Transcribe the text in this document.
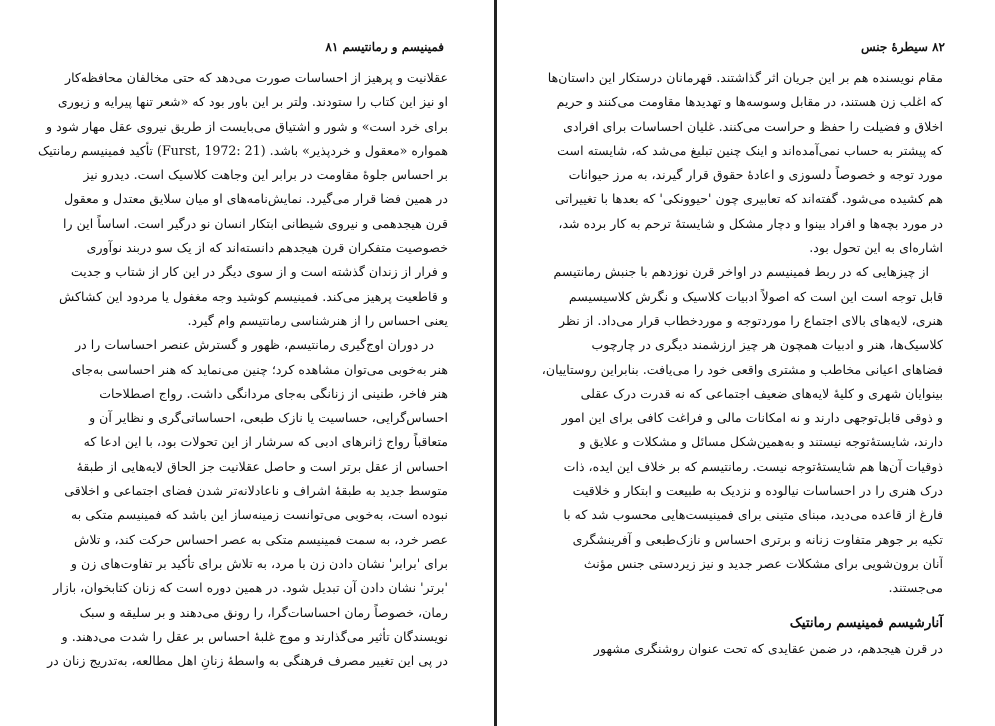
فمینیسم و رمانتیسم ۸۱
عقلانیت و پرهیز از احساسات صورت می‌دهد که حتی مخالفان محافظه‌کار
او نیز این کتاب را ستودند. ولتر بر این باور بود که «شعر تنها پیرایه و زیوری
برای خرد است» و شور و اشتیاق می‌بایست از طریق نیروی عقل مهار شود و
همواره «معقول و خردپذیر» باشد. (Furst, 1972: 21) تأکید فمینیسم رمانتیک
بر احساس جلوهٔ مقاومت در برابر این وجاهت کلاسیک است. دیدرو نیز
در همین فضا قرار می‌گیرد. نمایش‌نامه‌های او میان سلایق معتدل و معقول
قرن هیجدهمی و نیروی شیطانی ابتکار انسان نو درگیر است. اساساً این را
خصوصیت متفکران قرن هیجدهم دانسته‌اند که از یک سو دربند نوآوری
و فرار از زندان گذشته است و از سوی دیگر در این کار از شتاب و جدیت
و قاطعیت پرهیز می‌کند. فمینیسم کوشید وجه مغفول یا مردود این کشاکش
یعنی احساس را از هنرشناسی رمانتیسم وام گیرد.
در دوران اوج‌گیری رمانتیسم، ظهور و گسترش عنصر احساسات را در
هنر به‌خوبی می‌توان مشاهده کرد؛ چنین می‌نماید که هنر احساسی به‌جای
هنر فاخر، طنینی از زنانگی به‌جای مردانگی داشت. رواج اصطلاحات
احساس‌گرایی، حساسیت یا نازک طبعی، احساساتی‌گری و نظایر آن و
متعاقباً رواج ژانرهای ادبی که سرشار از این تحولات بود، با این ادعا که
احساس از عقل برتر است و حاصل عقلانیت جز الحاق لایه‌هایی از طبقهٔ
متوسط جدید به طبقهٔ اشراف و ناعادلانه‌تر شدن فضای اجتماعی و اخلاقی
نبوده است، به‌خوبی می‌توانست زمینه‌ساز این باشد که فمینیسم متکی به
عصر خرد، به سمت فمینیسم متکی به عصر احساس حرکت کند، و تلاش
برای 'برابر' نشان دادن زن با مرد، به تلاش برای تأکید بر تفاوت‌های زن و
'برتر' نشان دادن آن تبدیل شود. در همین دوره است که زنان کتابخوان، بازار
رمان، خصوصاً رمان احساسات‌گرا، را رونق می‌دهند و بر سلیقه و سبک
نویسندگان تأثیر می‌گذارند و موج غلبهٔ احساس بر عقل را شدت می‌دهند. و
در پی این تغییر مصرف فرهنگی به واسطهٔ زنانِ اهل مطالعه، به‌تدریج زنان در
۸۲ سیطرهٔ جنس
مقام نویسنده هم بر این جریان اثر گذاشتند. قهرمانان درستکار این داستان‌ها
که اغلب زن هستند، در مقابل وسوسه‌ها و تهدیدها مقاومت می‌کنند و حریم
اخلاق و فضیلت را حفظ و حراست می‌کنند. غلیان احساسات برای افرادی
که پیشتر به حساب نمی‌آمده‌اند و اینک چنین تبلیغ می‌شد که، شایسته است
مورد توجه و خصوصاً دلسوزی و اعادهٔ حقوق قرار گیرند، به مرز حیوانات
هم کشیده می‌شود. گفته‌اند که تعابیری چون 'حیوونکی' که بعدها با تغییراتی
در مورد بچه‌ها و افراد بینوا و دچار مشکل و شایستهٔ ترحم به کار برده شد،
اشاره‌ای به این تحول بود.
از چیزهایی که در ربط فمینیسم در اواخر قرن نوزدهم با جنبش رمانتیسم
قابل توجه است این است که اصولاً ادبیات کلاسیک و نگرش کلاسیسیسم
هنری، لایه‌های بالای اجتماع را موردتوجه و موردخطاب قرار می‌داد. از نظر
کلاسیک‌ها، هنر و ادبیات همچون هر چیز ارزشمند دیگری در چارچوب
فضاهای اعیانی مخاطب و مشتری واقعی خود را می‌یافت. بنابراین روستاییان،
بینوایان شهری و کلیهٔ لایه‌های ضعیف اجتماعی که نه قدرت درک عقلی
و ذوقی قابل‌توجهی دارند و نه امکانات مالی و فراغت کافی برای این امور
دارند، شایستهٔ‌توجه نیستند و به‌همین‌شکل مسائل و مشکلات و علایق و
ذوقیات آن‌ها هم شایستهٔ‌توجه نیست. رمانتیسم که بر خلاف این ایده، ذات
درک هنری را در احساسات نیالوده و نزدیک به طبیعت و ابتکار و خلاقیت
فارغ از قاعده می‌دید، مبنای متینی برای فمینیست‌هایی محسوب شد که با
تکیه بر جوهر متفاوت زنانه و برتری احساس و نازک‌طبعی و آفرینشگری
آنان برون‌شویی برای مشکلات عصر جدید و نیز زیردستی جنس مؤنث
می‌جستند.
آنارشیسم فمینیسم رمانتیک
در قرن هیجدهم، در ضمن عقایدی که تحت عنوان روشنگری مشهور
